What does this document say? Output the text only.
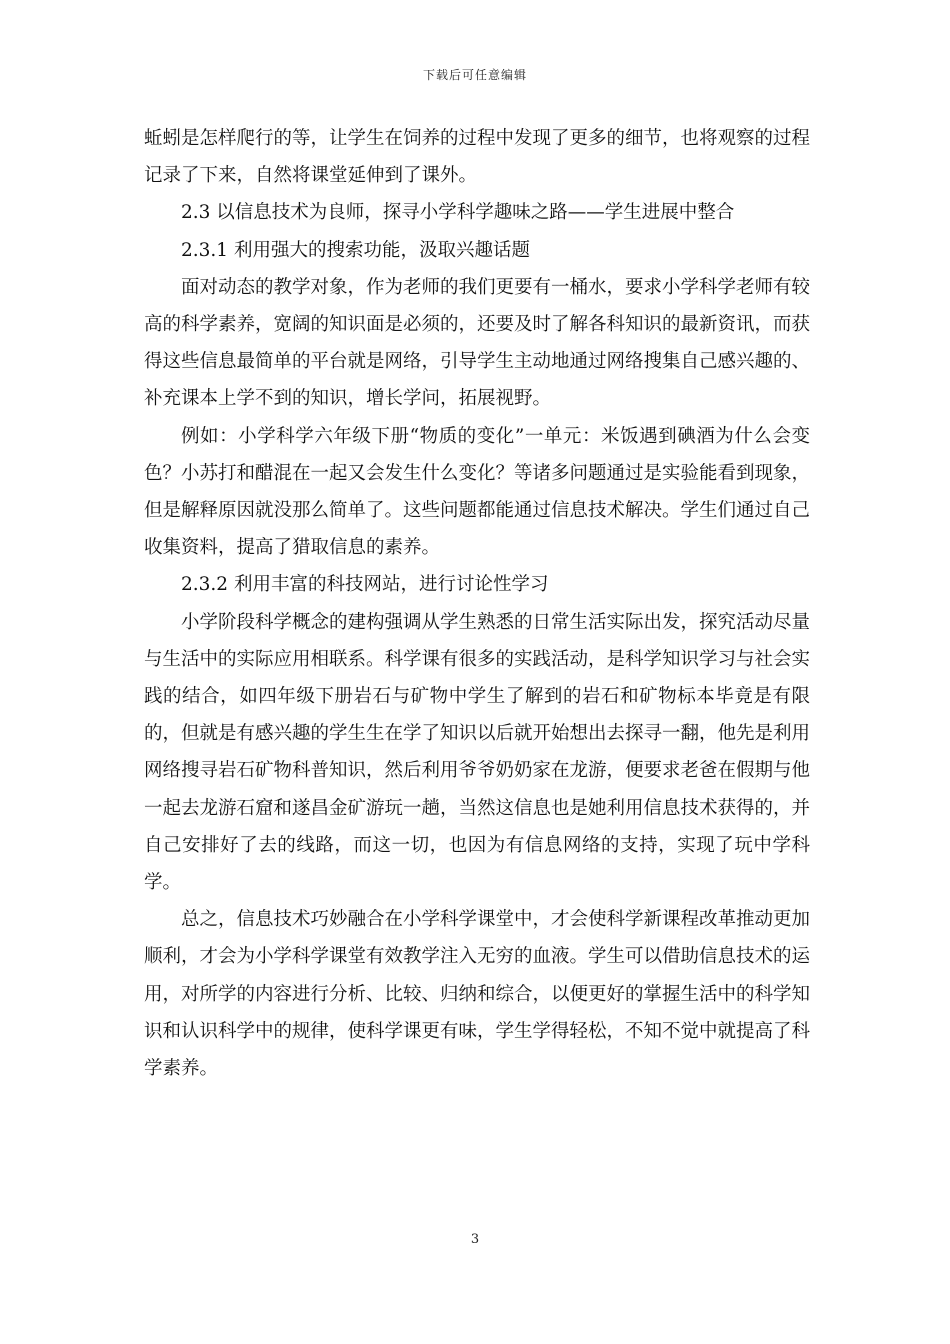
下载后可任意编辑

蚯蚓是怎样爬行的等，让学生在饲养的过程中发现了更多的细节，也将观察的过程记录了下来，自然将课堂延伸到了课外。

2.3 以信息技术为良师，探寻小学科学趣味之路——学生进展中整合

2.3.1 利用强大的搜索功能，汲取兴趣话题

面对动态的教学对象，作为老师的我们更要有一桶水，要求小学科学老师有较高的科学素养，宽阔的知识面是必须的，还要及时了解各科知识的最新资讯，而获得这些信息最简单的平台就是网络，引导学生主动地通过网络搜集自己感兴趣的、补充课本上学不到的知识，增长学问，拓展视野。

例如：小学科学六年级下册“物质的变化”一单元：米饭遇到碘酒为什么会变色？小苏打和醋混在一起又会发生什么变化？等诸多问题通过是实验能看到现象，但是解释原因就没那么简单了。这些问题都能通过信息技术解决。学生们通过自己收集资料，提高了猎取信息的素养。

2.3.2 利用丰富的科技网站，进行讨论性学习

小学阶段科学概念的建构强调从学生熟悉的日常生活实际出发，探究活动尽量与生活中的实际应用相联系。科学课有很多的实践活动，是科学知识学习与社会实践的结合，如四年级下册岩石与矿物中学生了解到的岩石和矿物标本毕竟是有限的，但就是有感兴趣的学生生在学了知识以后就开始想出去探寻一翻，他先是利用网络搜寻岩石矿物科普知识，然后利用爷爷奶奶家在龙游，便要求老爸在假期与他一起去龙游石窟和遂昌金矿游玩一趟，当然这信息也是她利用信息技术获得的，并自己安排好了去的线路，而这一切，也因为有信息网络的支持，实现了玩中学科学。

总之，信息技术巧妙融合在小学科学课堂中，才会使科学新课程改革推动更加顺利，才会为小学科学课堂有效教学注入无穷的血液。学生可以借助信息技术的运用，对所学的内容进行分析、比较、归纳和综合，以便更好的掌握生活中的科学知识和认识科学中的规律，使科学课更有味，学生学得轻松，不知不觉中就提高了科学素养。

3
